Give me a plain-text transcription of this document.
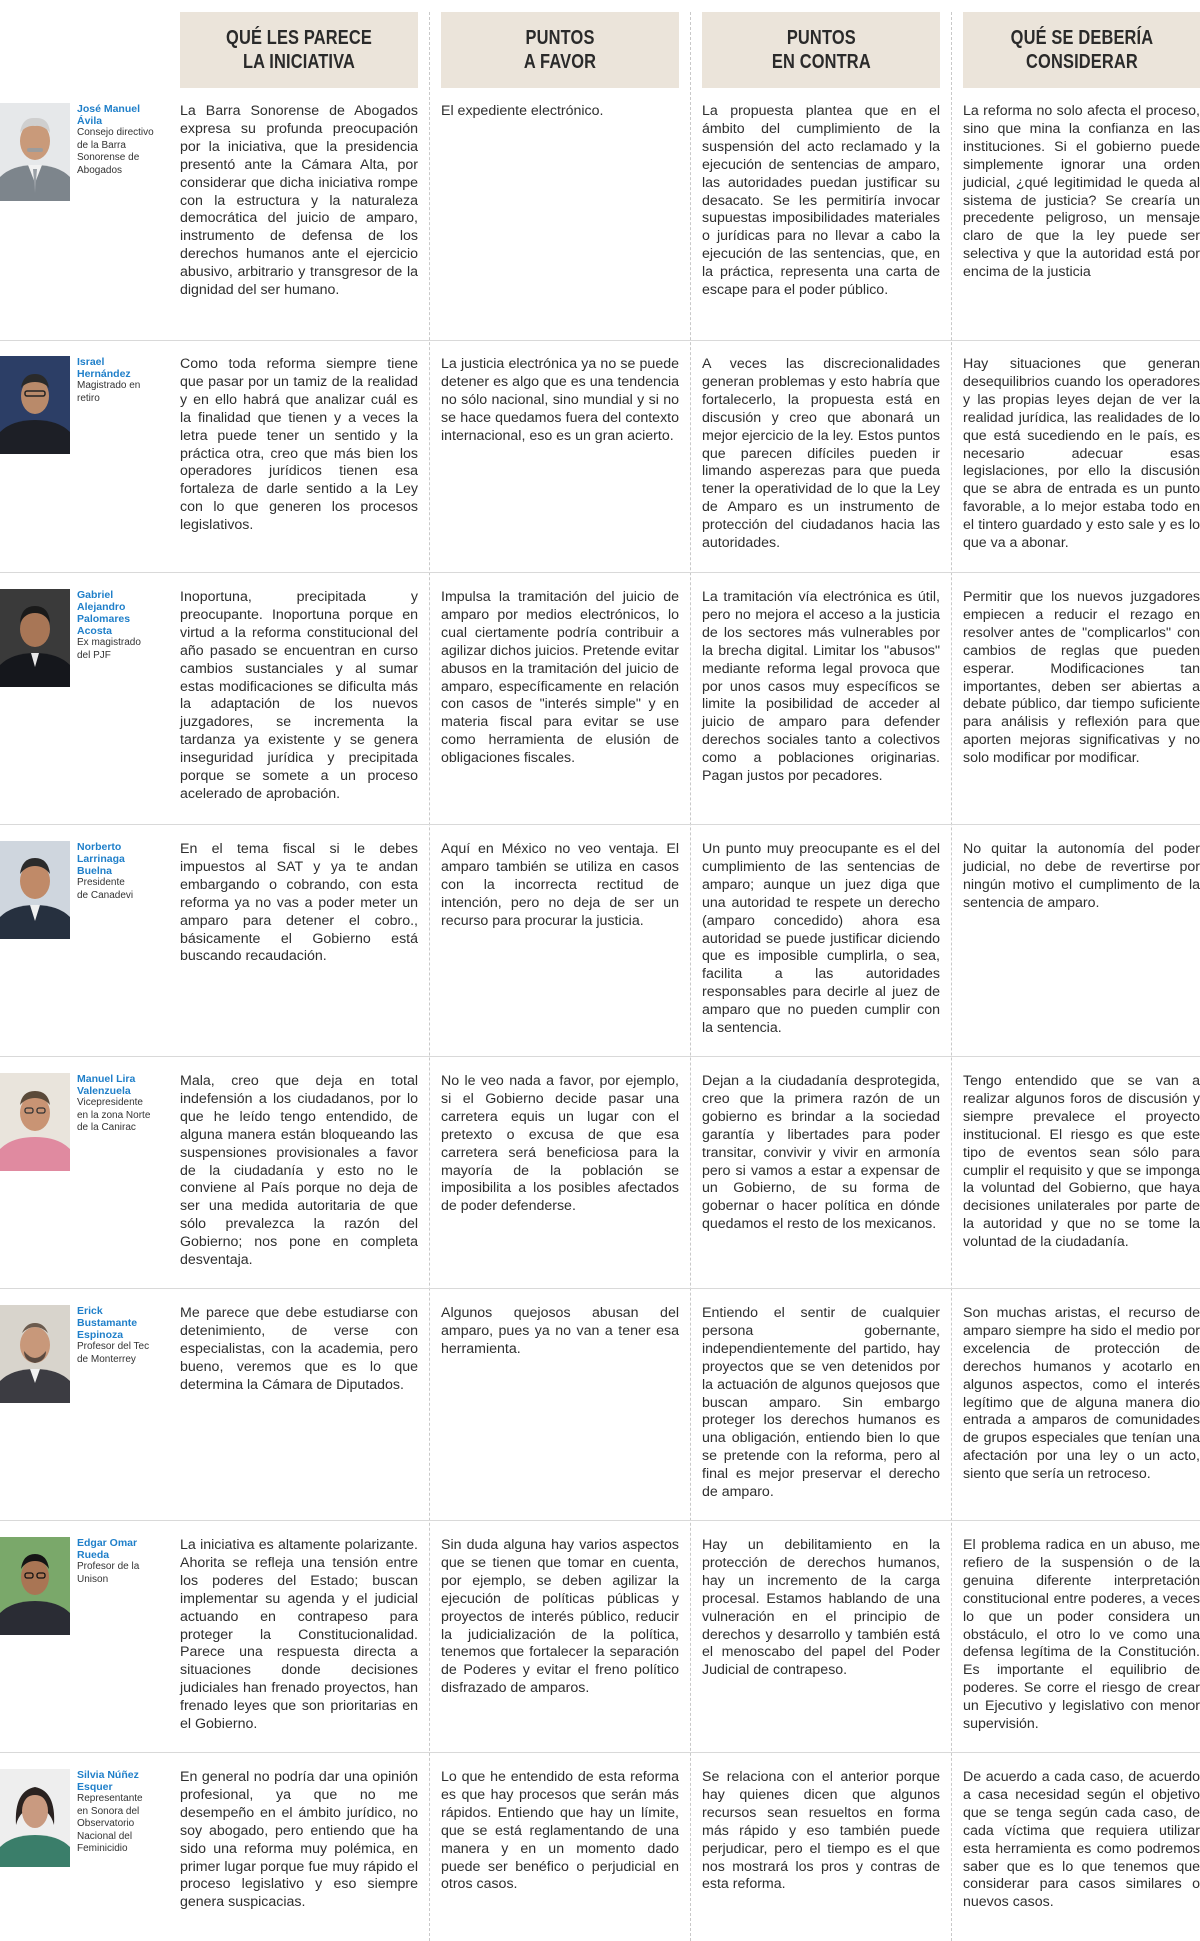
QUÉ LES PARECE
LA INICIATIVA
PUNTOS
A FAVOR
PUNTOS
EN CONTRA
QUÉ SE DEBERÍA
CONSIDERAR
José Manuel
Ávila
Consejo directivo
de la Barra
Sonorense de
Abogados
La Barra Sonorense de Abogados expresa su profunda preocupación por la iniciativa, que la presidencia presentó ante la Cámara Alta, por considerar que dicha iniciativa rompe con la estructura y la naturaleza democrática del juicio de amparo, instrumento de defensa de los derechos humanos ante el ejercicio abusivo, arbitrario y transgresor de la dignidad del ser humano.
El expediente electrónico.	La propuesta plantea que en el ámbito del cumplimiento de la suspensión del acto reclamado y la ejecución de sentencias de amparo, las autoridades puedan justificar su desacato. Se les permitiría invocar supuestas imposibilidades materiales o jurídicas para no llevar a cabo la ejecución de las sentencias, que, en la práctica, representa una carta de escape para el poder público.
La reforma no solo afecta el proceso, sino que mina la confianza en las instituciones. Si el gobierno puede simplemente ignorar una orden judicial, ¿qué legitimidad le queda al sistema de justicia? Se crearía un precedente peligroso, un mensaje claro de que la ley puede ser selectiva y que la autoridad está por encima de la justicia
Israel
Hernández
Magistrado en
retiro
Como toda reforma siempre tiene que pasar por un tamiz de la realidad y en ello habrá que analizar cuál es la finalidad que tienen y a veces la letra puede tener un sentido y la práctica otra, creo que más bien los operadores jurídicos tienen esa fortaleza de darle sentido a la Ley con lo que generen los procesos legislativos.
La justicia electrónica ya no se puede detener es algo que es una tendencia no sólo nacional, sino mundial y si no se hace quedamos fuera del contexto internacional, eso es un gran acierto.
A veces las discrecionalidades generan problemas y esto habría que fortalecerlo, la propuesta está en discusión y creo que abonará un mejor ejercicio de la ley. Estos puntos que parecen difíciles pueden ir limando asperezas para que pueda tener la operatividad de lo que la Ley de Amparo es un instrumento de protección del ciudadanos hacia las autoridades.
Hay situaciones que generan desequilibrios cuando los operadores y las propias leyes dejan de ver la realidad jurídica, las realidades de lo que está sucediendo en le país, es necesario adecuar esas legislaciones, por ello la discusión que se abra de entrada es un punto favorable, a lo mejor estaba todo en el tintero guardado y esto sale y es lo que va a abonar.
Gabriel
Alejandro
Palomares
Acosta
Ex magistrado
del PJF
Inoportuna, precipitada y preocupante. Inoportuna porque en virtud a la reforma constitucional del año pasado se encuentran en curso cambios sustanciales y al sumar estas modificaciones se dificulta más la adaptación de los nuevos juzgadores, se incrementa la tardanza ya existente y se genera inseguridad jurídica y precipitada porque se somete a un proceso acelerado de aprobación.
Impulsa la tramitación del juicio de amparo por medios electrónicos, lo cual ciertamente podría contribuir a agilizar dichos juicios. Pretende evitar abusos en la tramitación del juicio de amparo, específicamente en relación con casos de "interés simple" y en materia fiscal para evitar se use como herramienta de elusión de obligaciones fiscales.
La tramitación vía electrónica es útil, pero no mejora el acceso a la justicia de los sectores más vulnerables por la brecha digital. Limitar los "abusos" mediante reforma legal provoca que por unos casos muy específicos se limite la posibilidad de acceder al juicio de amparo para defender derechos sociales tanto a colectivos como a poblaciones originarias. Pagan justos por pecadores.
Permitir que los nuevos juzgadores empiecen a reducir el rezago en resolver antes de "complicarlos" con cambios de reglas que pueden esperar. Modificaciones tan importantes, deben ser abiertas a debate público, dar tiempo suficiente para análisis y reflexión para que aporten mejoras significativas y no solo modificar por modificar.
Norberto
Larrinaga
Buelna
Presidente
de Canadevi
En el tema fiscal si le debes impuestos al SAT y ya te andan embargando o cobrando, con esta reforma ya no vas a poder meter un amparo para detener el cobro., básicamente el Gobierno está buscando recaudación.
Aquí en México no veo ventaja. El amparo también se utiliza en casos con la incorrecta rectitud de intención, pero no deja de ser un recurso para procurar la justicia.
Un punto muy preocupante es el del cumplimiento de las sentencias de amparo; aunque un juez diga que una autoridad te respete un derecho (amparo concedido) ahora esa autoridad se puede justificar diciendo que es imposible cumplirla, o sea, facilita a las autoridades responsables para decirle al juez de amparo que no pueden cumplir con la sentencia.
No quitar la autonomía del poder judicial, no debe de revertirse por ningún motivo el cumplimento de la sentencia de amparo.
Manuel Lira
Valenzuela
Vicepresidente
en la zona Norte
de la Canirac
Mala, creo que deja en total indefensión a los ciudadanos, por lo que he leído tengo entendido, de alguna manera están bloqueando las suspensiones provisionales a favor de la ciudadanía y esto no le conviene al País porque no deja de ser una medida autoritaria de que sólo prevalezca la razón del Gobierno; nos pone en completa desventaja.
No le veo nada a favor, por ejemplo, si el Gobierno decide pasar una carretera equis un lugar con el pretexto o excusa de que esa carretera será beneficiosa para la mayoría de la población se imposibilita a los posibles afectados de poder defenderse.
Dejan a la ciudadanía desprotegida, creo que la primera razón de un gobierno es brindar a la sociedad garantía y libertades para poder transitar, convivir y vivir en armonía pero si vamos a estar a expensar de un Gobierno, de su forma de gobernar o hacer política en dónde quedamos el resto de los mexicanos.
Tengo entendido que se van a realizar algunos foros de discusión y siempre prevalece el proyecto institucional. El riesgo es que este tipo de eventos sean sólo para cumplir el requisito y que se imponga la voluntad del Gobierno, que haya decisiones unilaterales por parte de la autoridad y que no se tome la voluntad de la ciudadanía.
Erick
Bustamante
Espinoza
Profesor del Tec
de Monterrey
Me parece que debe estudiarse con detenimiento, de verse con especialistas, con la academia, pero bueno, veremos que es lo que determina la Cámara de Diputados.
Algunos quejosos abusan del amparo, pues ya no van a tener esa herramienta.
Entiendo el sentir de cualquier persona gobernante, independientemente del partido, hay proyectos que se ven detenidos por la actuación de algunos quejosos que buscan amparo. Sin embargo proteger los derechos humanos es una obligación, entiendo bien lo que se pretende con la reforma, pero al final es mejor preservar el derecho de amparo.
Son muchas aristas, el recurso de amparo siempre ha sido el medio por excelencia de protección de derechos humanos y acotarlo en algunos aspectos, como el interés legítimo que de alguna manera dio entrada a amparos de comunidades de grupos especiales que tenían una afectación por una ley o un acto, siento que sería un retroceso.
Edgar Omar
Rueda
Profesor de la
Unison
La iniciativa es altamente polarizante. Ahorita se refleja una tensión entre los poderes del Estado; buscan implementar su agenda y el judicial actuando en contrapeso para proteger la Constitucionalidad. Parece una respuesta directa a situaciones donde decisiones judiciales han frenado proyectos, han frenado leyes que son prioritarias en el Gobierno.
Sin duda alguna hay varios aspectos que se tienen que tomar en cuenta, por ejemplo, se deben agilizar la ejecución de políticas públicas y proyectos de interés público, reducir la judicialización de la política, tenemos que fortalecer la separación de Poderes y evitar el freno político disfrazado de amparos.
Hay un debilitamiento en la protección de derechos humanos, hay un incremento de la carga procesal. Estamos hablando de una vulneración en el principio de derechos y desarrollo y también está el menoscabo del papel del Poder Judicial de contrapeso.
El problema radica en un abuso, me refiero de la suspensión o de la genuina diferente interpretación constitucional entre poderes, a veces lo que un poder considera un obstáculo, el otro lo ve como una defensa legítima de la Constitución. Es importante el equilibrio de poderes. Se corre el riesgo de crear un Ejecutivo y legislativo con menor supervisión.
Silvia Núñez
Esquer
Representante
en Sonora del
Observatorio
Nacional del
Feminicidio
En general no podría dar una opinión profesional, ya que no me desempeño en el ámbito jurídico, no soy abogado, pero entiendo que ha sido una reforma muy polémica, en primer lugar porque fue muy rápido el proceso legislativo y eso siempre genera suspicacias.
Lo que he entendido de esta reforma es que hay procesos que serán más rápidos. Entiendo que hay un límite, que se está reglamentando de una manera y en un momento dado puede ser benéfico o perjudicial en otros casos.
Se relaciona con el anterior porque hay quienes dicen que algunos recursos sean resueltos en forma más rápido y eso también puede perjudicar, pero el tiempo es el que nos mostrará los pros y contras de esta reforma.
De acuerdo a cada caso, de acuerdo a casa necesidad según el objetivo que se tenga según cada caso, de cada víctima que requiera utilizar esta herramienta es como podremos saber que es lo que tenemos que considerar para casos similares o nuevos casos.
